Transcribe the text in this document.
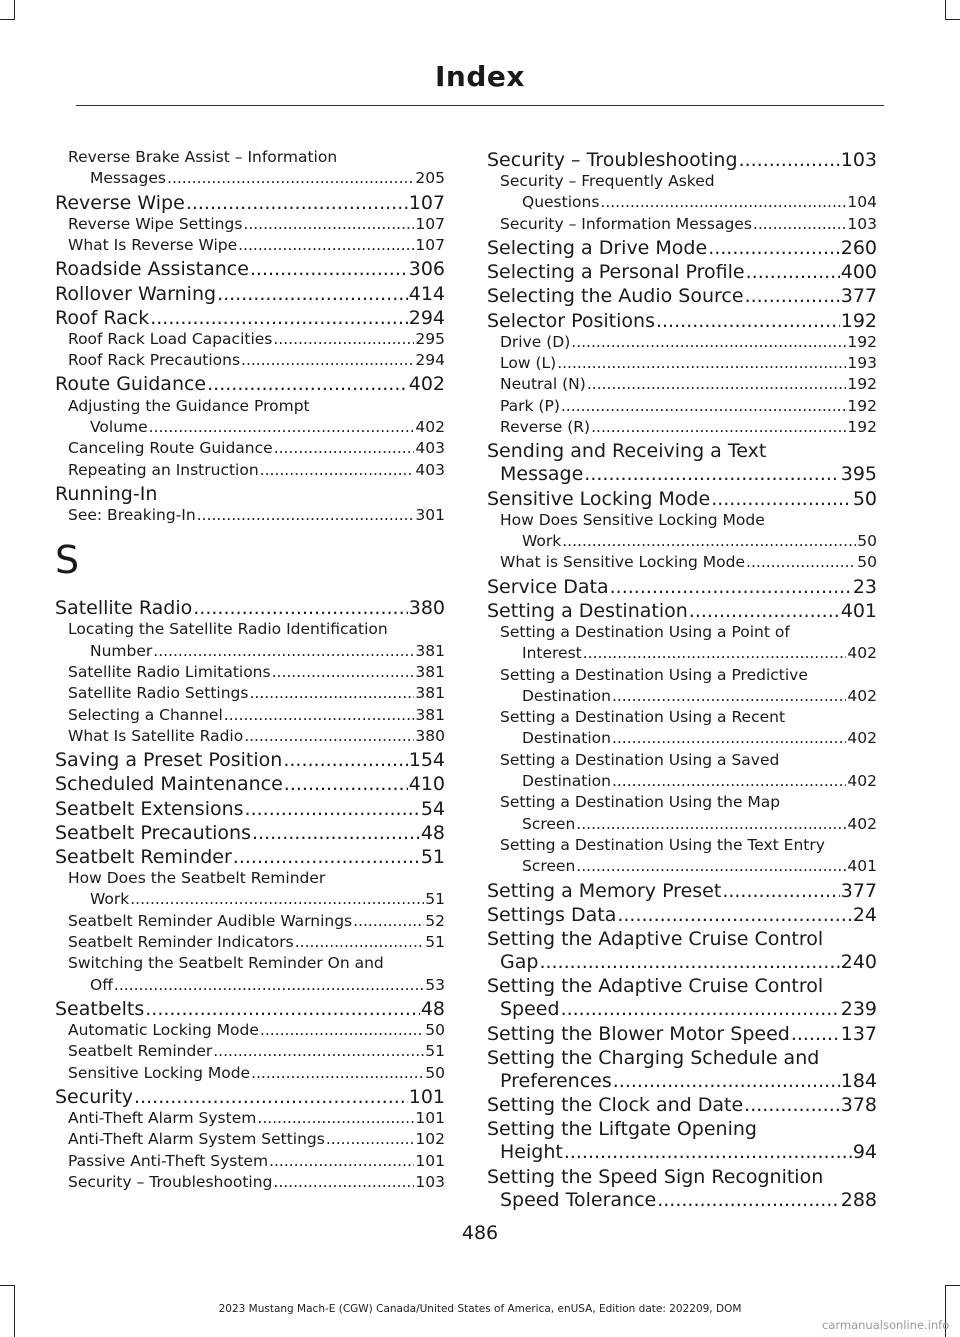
Index
Reverse Brake Assist – Information
Messages .....	205
Reverse Wipe .....	107
Reverse Wipe Settings .....	107
What Is Reverse Wipe .....	107
Roadside Assistance .....	306
Rollover Warning .....	414
Roof Rack .....	294
Roof Rack Load Capacities .....	295
Roof Rack Precautions .....	294
Route Guidance .....	402
Adjusting the Guidance Prompt
Volume .....	402
Canceling Route Guidance .....	403
Repeating an Instruction .....	403
Running-In
See: Breaking-In .....	301
S
Satellite Radio .....	380
Locating the Satellite Radio Identification
Number .....	381
Satellite Radio Limitations .....	381
Satellite Radio Settings .....	381
Selecting a Channel .....	381
What Is Satellite Radio .....	380
Saving a Preset Position .....	154
Scheduled Maintenance .....	410
Seatbelt Extensions .....	54
Seatbelt Precautions .....	48
Seatbelt Reminder .....	51
How Does the Seatbelt Reminder
Work .....	51
Seatbelt Reminder Audible Warnings .....	52
Seatbelt Reminder Indicators .....	51
Switching the Seatbelt Reminder On and
Off .....	53
Seatbelts .....	48
Automatic Locking Mode .....	50
Seatbelt Reminder .....	51
Sensitive Locking Mode .....	50
Security .....	101
Anti-Theft Alarm System .....	101
Anti-Theft Alarm System Settings .....	102
Passive Anti-Theft System .....	101
Security – Troubleshooting .....	103
Security – Troubleshooting .....	103
Security – Frequently Asked
Questions .....	104
Security – Information Messages .....	103
Selecting a Drive Mode .....	260
Selecting a Personal Profile .....	400
Selecting the Audio Source .....	377
Selector Positions .....	192
Drive (D) .....	192
Low (L) .....	193
Neutral (N) .....	192
Park (P) .....	192
Reverse (R) .....	192
Sending and Receiving a Text
Message .....	395
Sensitive Locking Mode .....	50
How Does Sensitive Locking Mode
Work .....	50
What is Sensitive Locking Mode .....	50
Service Data .....	23
Setting a Destination .....	401
Setting a Destination Using a Point of
Interest .....	402
Setting a Destination Using a Predictive
Destination .....	402
Setting a Destination Using a Recent
Destination .....	402
Setting a Destination Using a Saved
Destination .....	402
Setting a Destination Using the Map
Screen .....	402
Setting a Destination Using the Text Entry
Screen .....	401
Setting a Memory Preset .....	377
Settings Data .....	24
Setting the Adaptive Cruise Control
Gap .....	240
Setting the Adaptive Cruise Control
Speed .....	239
Setting the Blower Motor Speed .....	137
Setting the Charging Schedule and
Preferences .....	184
Setting the Clock and Date .....	378
Setting the Liftgate Opening
Height .....	94
Setting the Speed Sign Recognition
Speed Tolerance .....	288
486
2023 Mustang Mach-E (CGW) Canada/United States of America, enUSA, Edition date: 202209, DOM
carmanualsonline.info
